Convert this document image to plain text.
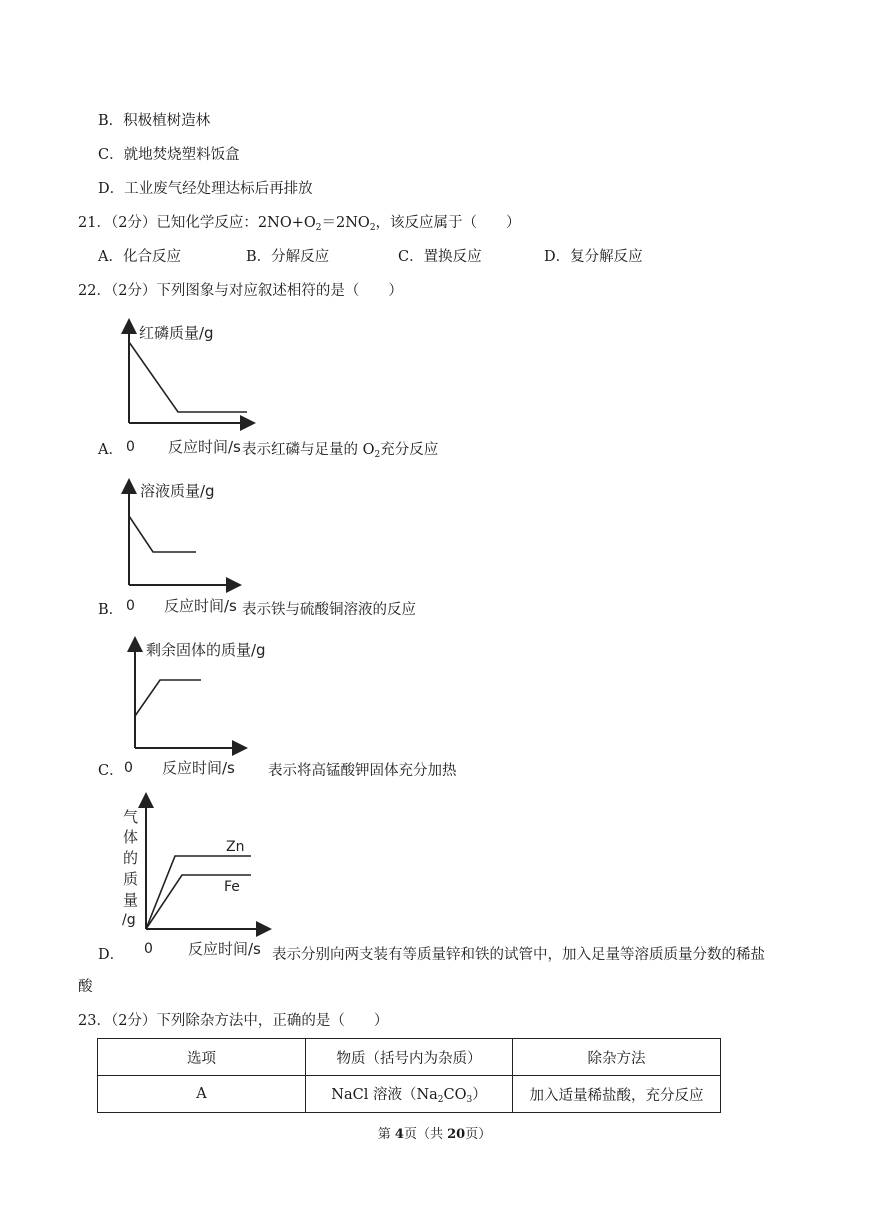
B．积极植树造林
C．就地焚烧塑料饭盒
D．工业废气经处理达标后再排放
21．（2分）已知化学反应：$2NO+O_2=2NO_2$，该反应属于（　　）
A．化合反应	B．分解反应	C．置换反应	D．复分解反应
22．（2分）下列图象与对应叙述相符的是（　　）
A．
红磷质量/g
0 反应时间/s 表示红磷与足量的 $O_2$充分反应
B．
溶液质量/g
0 反应时间/s 表示铁与硫酸铜溶液的反应
C．
剩余固体的质量/g
0 反应时间/s 表示将高锰酸钾固体充分加热
D．
Zn
Fe
气
体
的
质
量
/g
0 反应时间/s 表示分别向两支装有等质量锌和铁的试管中，加入足量等溶质质量分数的稀盐
酸
23．（2分）下列除杂方法中，正确的是（　　）
选项	物质（括号内为杂质）	除杂方法
A	NaCl 溶液$(Na_2CO_3)$	加入适量稀盐酸，充分反应
第 4页（共 20页）
